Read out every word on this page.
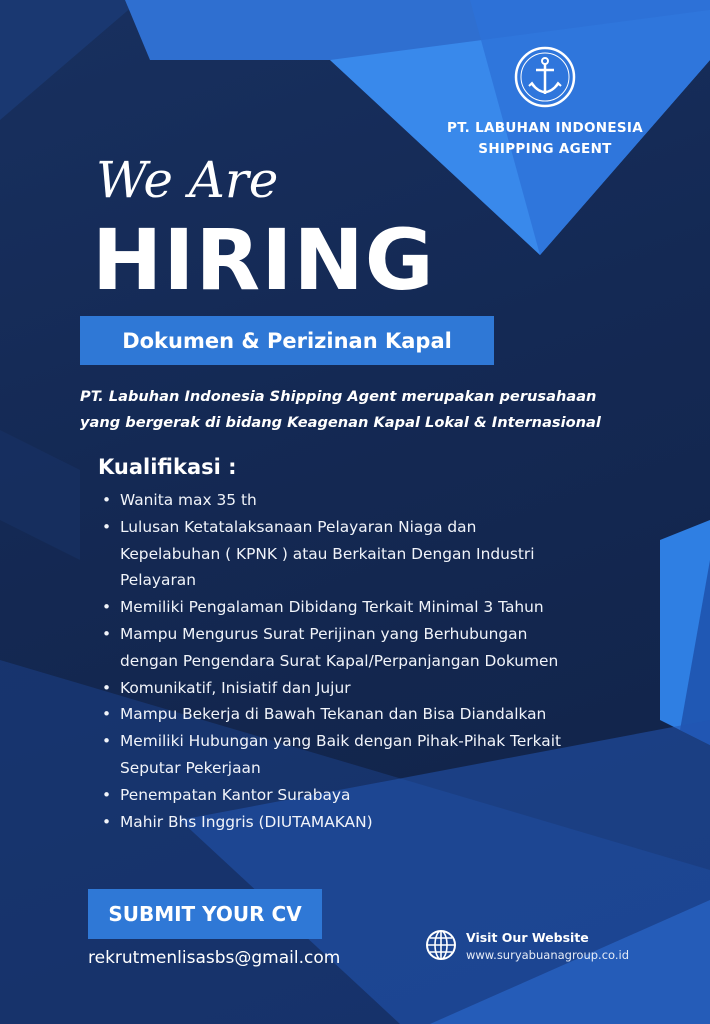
PT. LABUHAN INDONESIA
SHIPPING AGENT
We Are
HIRING
Dokumen & Perizinan Kapal
PT. Labuhan Indonesia Shipping Agent merupakan perusahaan
yang bergerak di bidang Keagenan Kapal Lokal & Internasional
Kualifikasi :
• Wanita max 35 th
• Lulusan Ketatalaksanaan Pelayaran Niaga dan
Kepelabuhan ( KPNK ) atau Berkaitan Dengan Industri
Pelayaran
• Memiliki Pengalaman Dibidang Terkait Minimal 3 Tahun
• Mampu Mengurus Surat Perijinan yang Berhubungan
dengan Pengendara Surat Kapal/Perpanjangan Dokumen
• Komunikatif, Inisiatif dan Jujur
• Mampu Bekerja di Bawah Tekanan dan Bisa Diandalkan
• Memiliki Hubungan yang Baik dengan Pihak-Pihak Terkait
Seputar Pekerjaan
• Penempatan Kantor Surabaya
• Mahir Bhs Inggris (DIUTAMAKAN)
SUBMIT YOUR CV
rekrutmenlisasbs@gmail.com
Visit Our Website
www.suryabuanagroup.co.id
